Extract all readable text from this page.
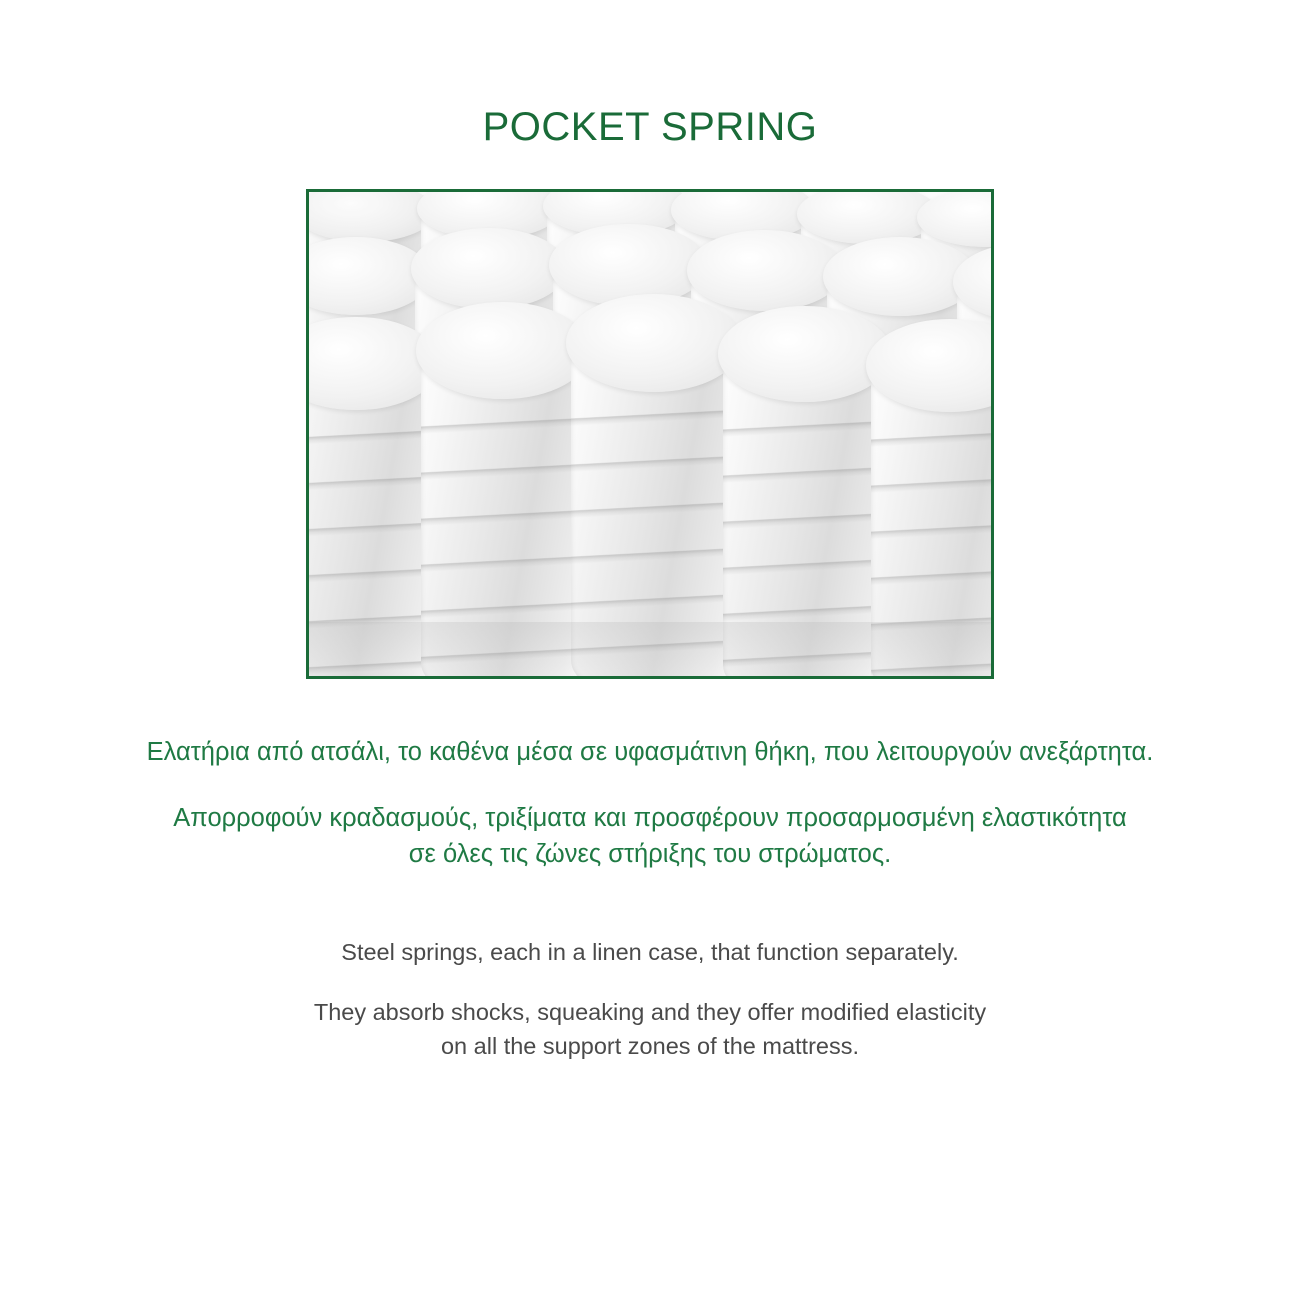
POCKET SPRING

Ελατήρια από ατσάλι, το καθένα μέσα σε υφασμάτινη θήκη, που λειτουργούν ανεξάρτητα.

Απορροφούν κραδασμούς, τριξίματα και προσφέρουν προσαρμοσμένη ελαστικότητα
σε όλες τις ζώνες στήριξης του στρώματος.

Steel springs, each in a linen case, that function separately.

They absorb shocks, squeaking and they offer modified elasticity
on all the support zones of the mattress.
